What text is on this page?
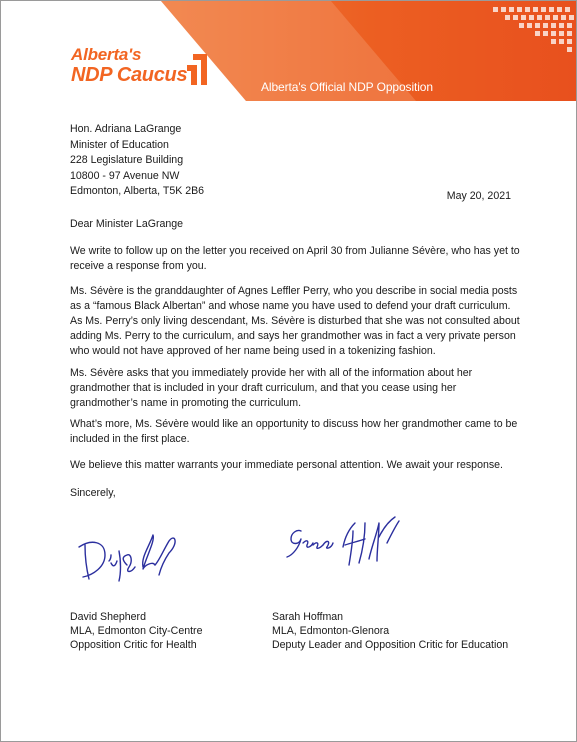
Alberta's
NDP Caucus
Alberta's Official NDP Opposition
Hon. Adriana LaGrange
Minister of Education
228 Legislature Building
10800 - 97 Avenue NW
Edmonton, Alberta, T5K 2B6	May 20, 2021
Dear Minister LaGrange
We write to follow up on the letter you received on April 30 from Julianne Sévère, who has yet to
receive a response from you.
Ms. Sévère is the granddaughter of Agnes Leffler Perry, who you describe in social media posts
as a “famous Black Albertan” and whose name you have used to defend your draft curriculum.
As Ms. Perry’s only living descendant, Ms. Sévère is disturbed that she was not consulted about
adding Ms. Perry to the curriculum, and says her grandmother was in fact a very private person
who would not have approved of her name being used in a tokenizing fashion.
Ms. Sévère asks that you immediately provide her with all of the information about her
grandmother that is included in your draft curriculum, and that you cease using her
grandmother’s name in promoting the curriculum.
What’s more, Ms. Sévère would like an opportunity to discuss how her grandmother came to be
included in the first place.
We believe this matter warrants your immediate personal attention. We await your response.
Sincerely,
David Shepherd
MLA, Edmonton City-Centre
Opposition Critic for Health
Sarah Hoffman
MLA, Edmonton-Glenora
Deputy Leader and Opposition Critic for Education
